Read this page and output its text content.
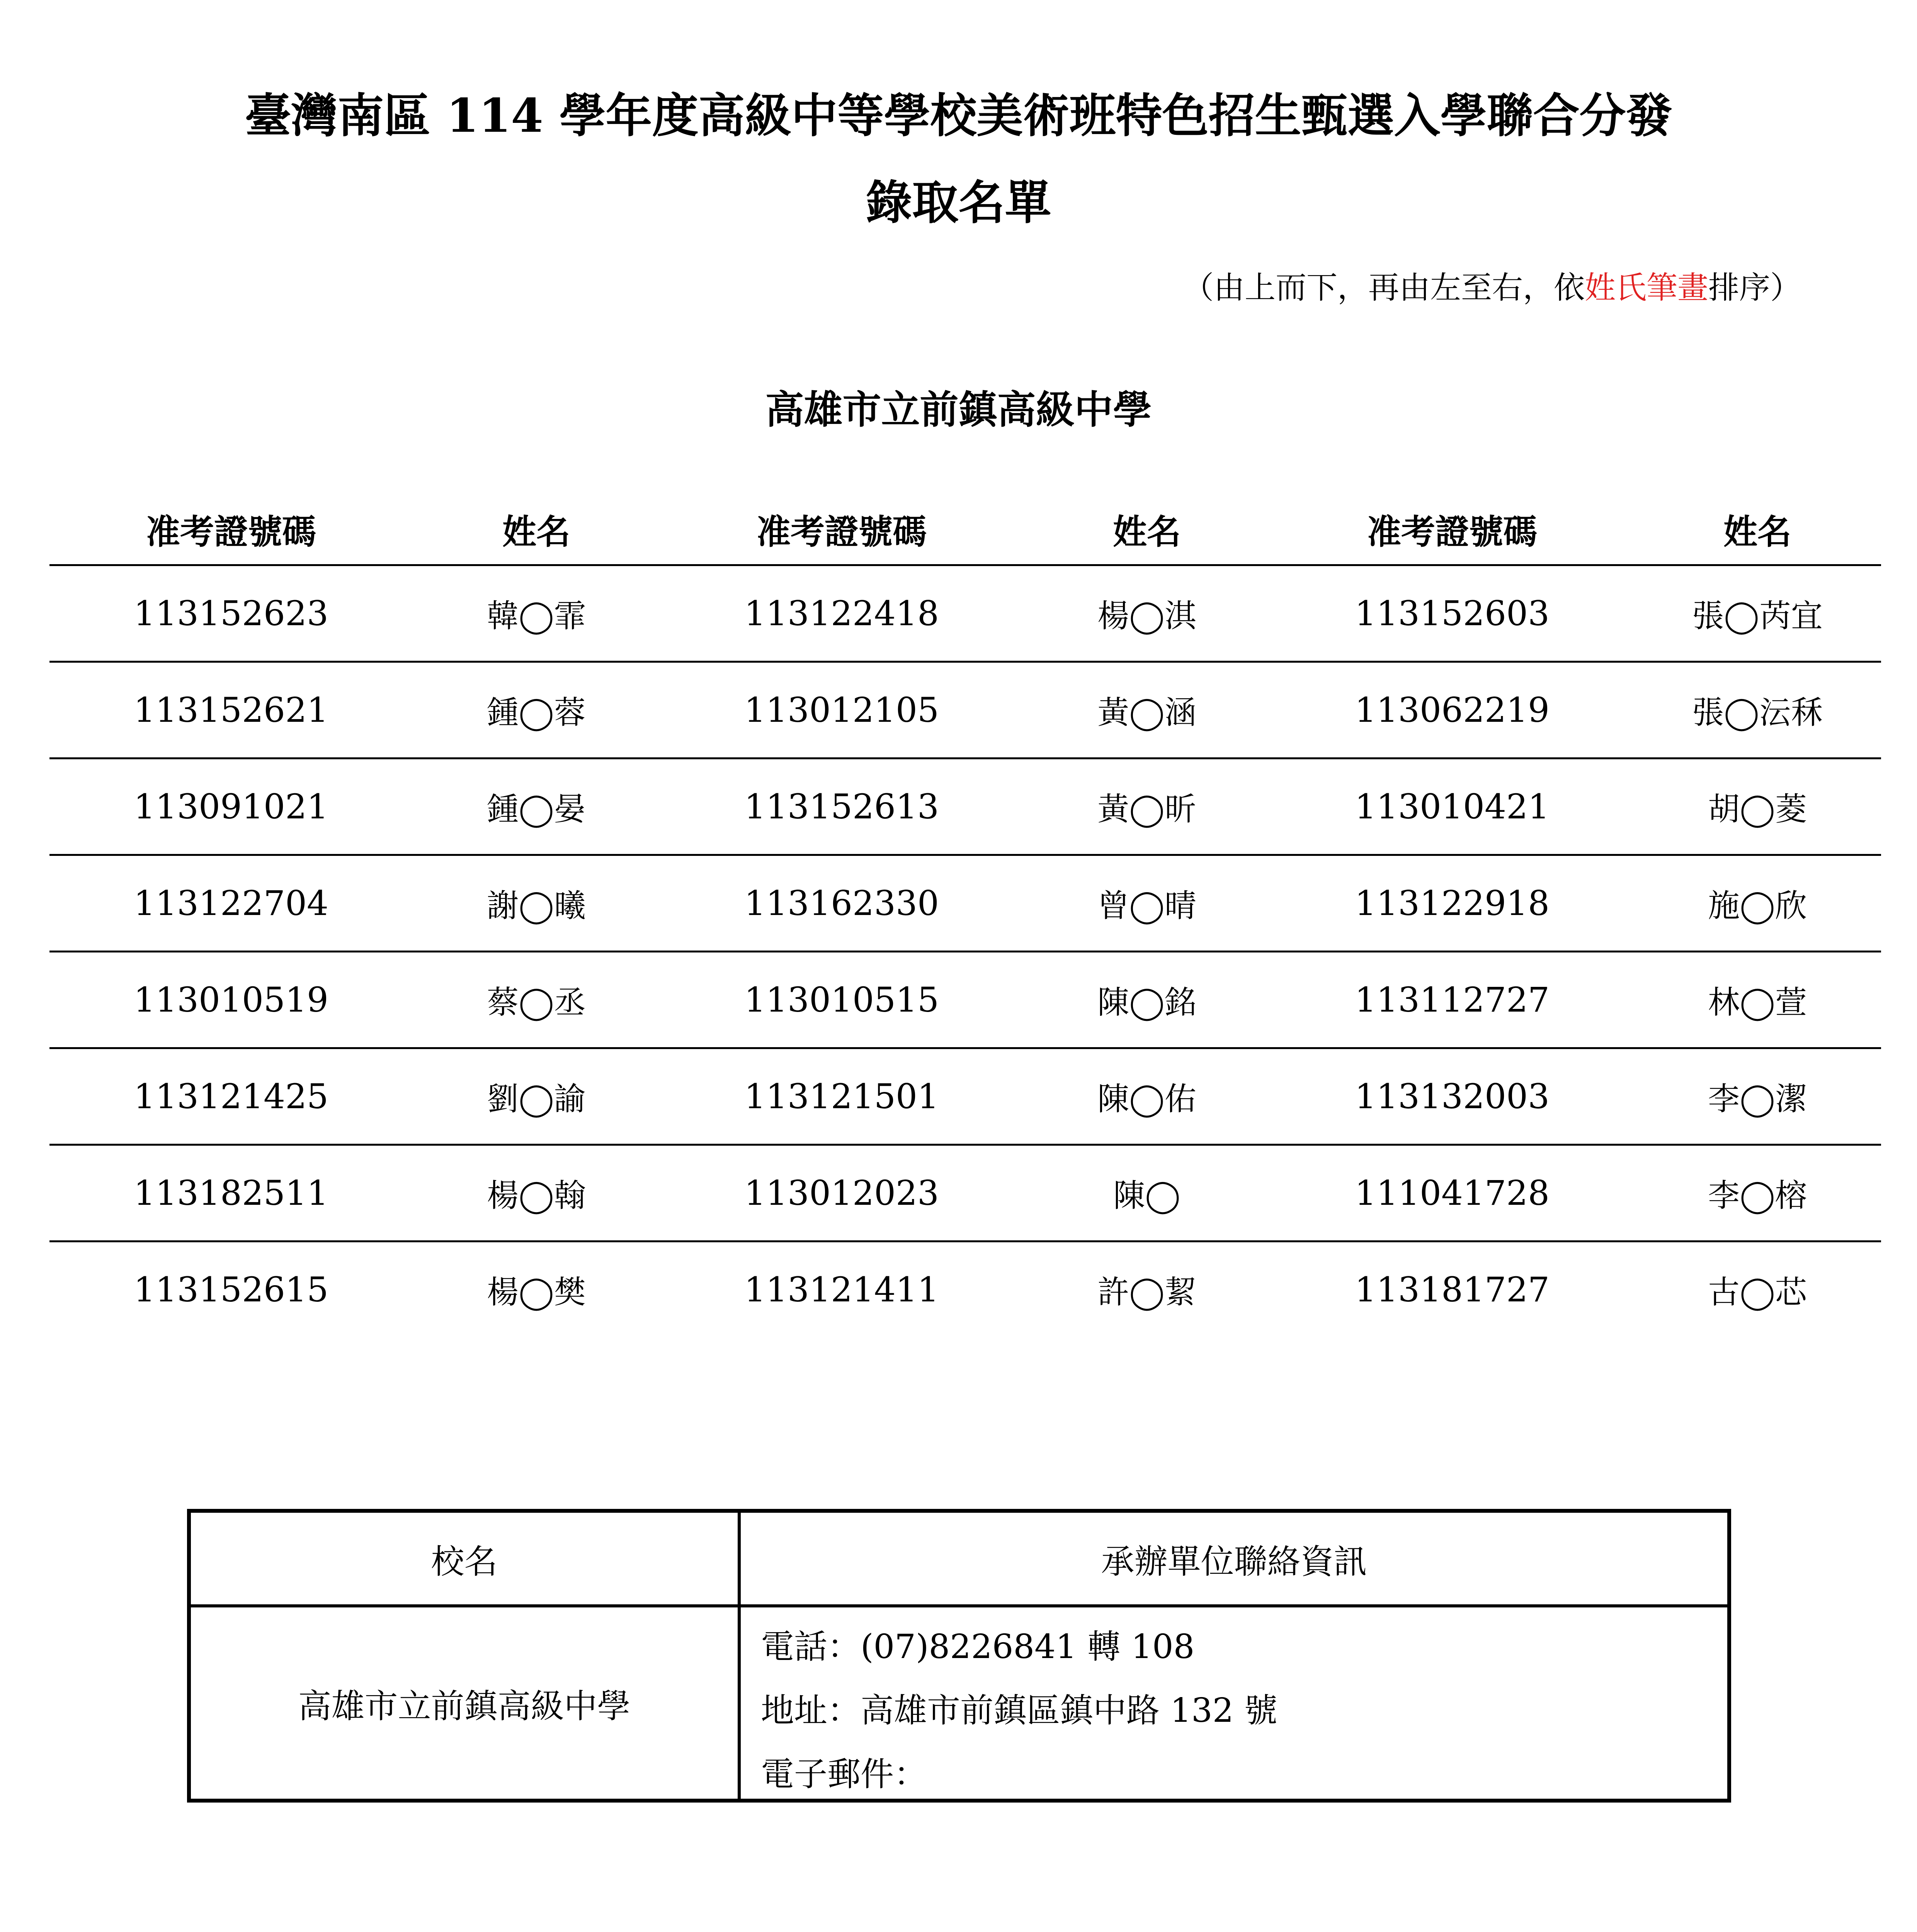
臺灣南區 114 學年度高級中等學校美術班特色招生甄選入學聯合分發
錄取名單
（由上而下，再由左至右，依姓氏筆畫排序）
高雄市立前鎮高級中學
准考證號碼	姓名	准考證號碼	姓名	准考證號碼	姓名
113152623	韓◯霏	113122418	楊◯淇	113152603	張◯芮宜
113152621	鍾◯蓉	113012105	黃◯涵	113062219	張◯沄秝
113091021	鍾◯晏	113152613	黃◯昕	113010421	胡◯菱
113122704	謝◯曦	113162330	曾◯晴	113122918	施◯欣
113010519	蔡◯丞	113010515	陳◯銘	113112727	林◯萱
113121425	劉◯諭	113121501	陳◯佑	113132003	李◯潔
113182511	楊◯翰	113012023	陳◯	111041728	李◯榕
113152615	楊◯樊	113121411	許◯絜	113181727	古◯芯
校名	承辦單位聯絡資訊
高雄市立前鎮高級中學
電話：(07)8226841 轉 108
地址：高雄市前鎮區鎮中路 132 號
電子郵件：
